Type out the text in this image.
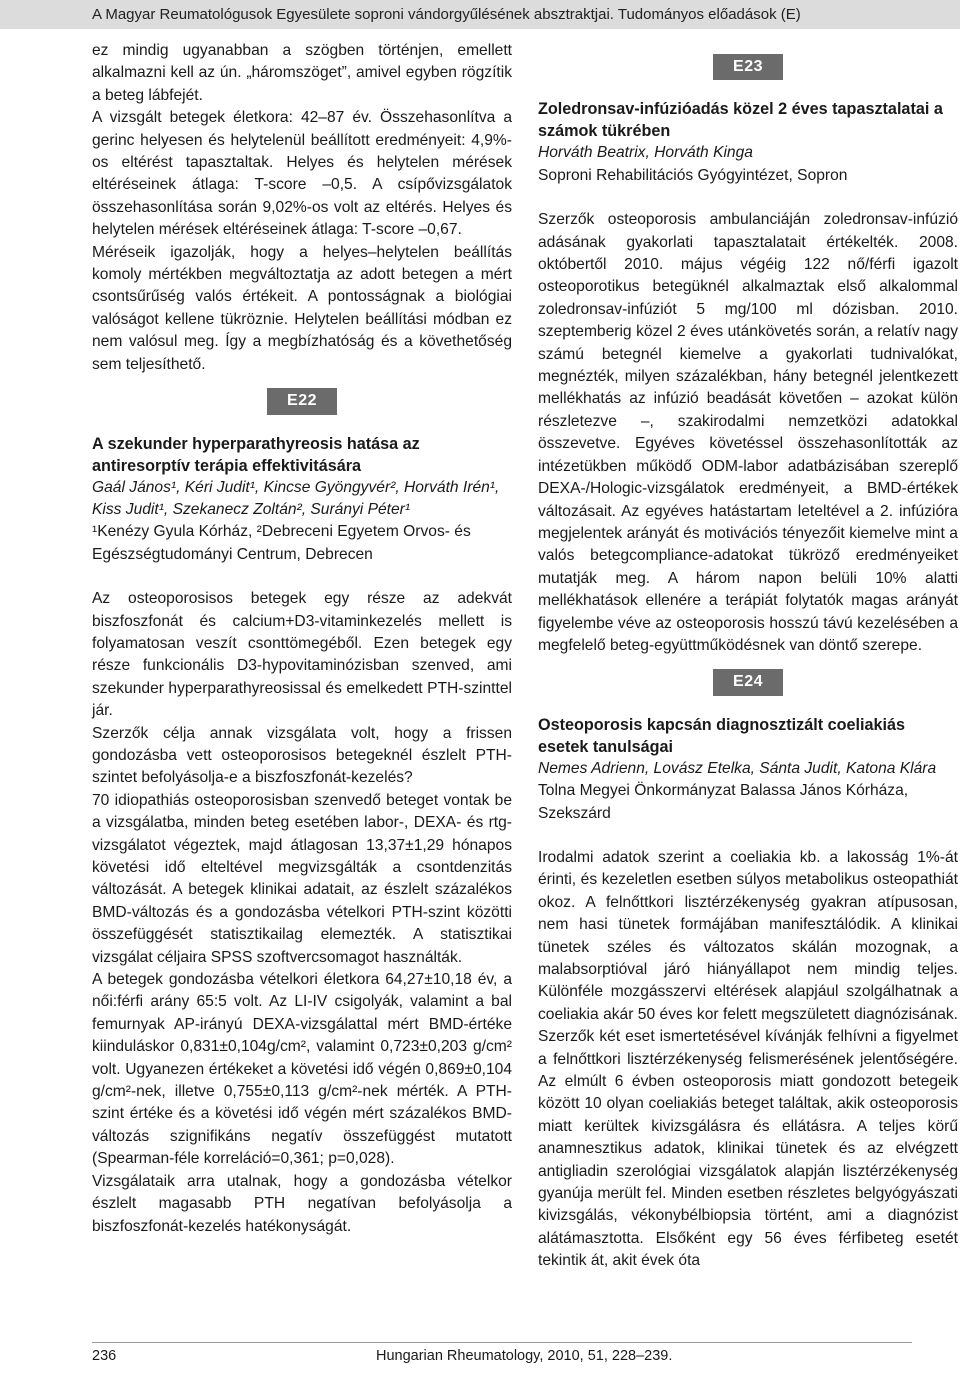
A Magyar Reumatológusok Egyesülete soproni vándorgyűlésének absztraktjai. Tudományos előadások (E)

ez mindig ugyanabban a szögben történjen, emellett alkalmazni kell az ún. „háromszöget”, amivel egyben rögzítik a beteg lábfejét.

A vizsgált betegek életkora: 42–87 év. Összehasonlítva a gerinc helyesen és helytelenül beállított eredményeit: 4,9%-os eltérést tapasztaltak. Helyes és helytelen mérések eltéréseinek átlaga: T-score –0,5. A csípővizsgálatok összehasonlítása során 9,02%-os volt az eltérés. Helyes és helytelen mérések eltéréseinek átlaga: T-score –0,67.

Méréseik igazolják, hogy a helyes–helytelen beállítás komoly mértékben megváltoztatja az adott betegen a mért csontsűrűség valós értékeit. A pontosságnak a biológiai valóságot kellene tükröznie. Helytelen beállítási módban ez nem valósul meg. Így a megbízhatóság és a követhetőség sem teljesíthető.

E22
A szekunder hyperparathyreosis hatása az antiresorptív terápia effektivitására

Gaál János¹, Kéri Judit¹, Kincse Gyöngyvér², Horváth Irén¹, Kiss Judit¹, Szekanecz Zoltán², Surányi Péter¹

¹Kenézy Gyula Kórház, ²Debreceni Egyetem Orvos- és Egészségtudományi Centrum, Debrecen

Az osteoporosisos betegek egy része az adekvát biszfoszfonát és calcium+D3-vitaminkezelés mellett is folyamatosan veszít csonttömegéből. Ezen betegek egy része funkcionális D3-hypovitaminózisban szenved, ami szekunder hyperparathyreosissal és emelkedett PTH-szinttel jár.

Szerzők célja annak vizsgálata volt, hogy a frissen gondozásba vett osteoporosisos betegeknél észlelt PTH-szintet befolyásolja-e a biszfoszfonát-kezelés?

70 idiopathiás osteoporosisban szenvedő beteget vontak be a vizsgálatba, minden beteg esetében labor-, DEXA- és rtg-vizsgálatot végeztek, majd átlagosan 13,37±1,29 hónapos követési idő elteltével megvizsgálták a csontdenzitás változását. A betegek klinikai adatait, az észlelt százalékos BMD-változás és a gondozásba vételkori PTH-szint közötti összefüggését statisztikailag elemezték. A statisztikai vizsgálat céljaira SPSS szoftvercsomagot használták.

A betegek gondozásba vételkori életkora 64,27±10,18 év, a női:férfi arány 65:5 volt. Az LI-IV csigolyák, valamint a bal femurnyak AP-irányú DEXA-vizsgálattal mért BMD-értéke kiinduláskor 0,831±0,104g/cm², valamint 0,723±0,203 g/cm² volt. Ugyanezen értékeket a követési idő végén 0,869±0,104 g/cm²-nek, illetve 0,755±0,113 g/cm²-nek mérték. A PTH-szint értéke és a követési idő végén mért százalékos BMD-változás szignifikáns negatív összefüggést mutatott (Spearman-féle korreláció=0,361; p=0,028).

Vizsgálataik arra utalnak, hogy a gondozásba vételkor észlelt magasabb PTH negatívan befolyásolja a biszfoszfonát-kezelés hatékonyságát.

E23
Zoledronsav-infúzióadás közel 2 éves tapasztalatai a számok tükrében

Horváth Beatrix, Horváth Kinga

Soproni Rehabilitációs Gyógyintézet, Sopron

Szerzők osteoporosis ambulanciáján zoledronsav-infúzió adásának gyakorlati tapasztalatait értékelték. 2008. októbertől 2010. május végéig 122 nő/férfi igazolt osteoporotikus betegüknél alkalmaztak első alkalommal zoledronsav-infúziót 5 mg/100 ml dózisban. 2010. szeptemberig közel 2 éves utánkövetés során, a relatív nagy számú betegnél kiemelve a gyakorlati tudnivalókat, megnézték, milyen százalékban, hány betegnél jelentkezett mellékhatás az infúzió beadását követően – azokat külön részletezve –, szakirodalmi nemzetközi adatokkal összevetve. Egyéves követéssel összehasonlították az intézetükben működő ODM-labor adatbázisában szereplő DEXA-/Hologic-vizsgálatok eredményeit, a BMD-értékek változásait. Az egyéves hatástartam leteltével a 2. infúzióra megjelentek arányát és motivációs tényezőit kiemelve mint a valós betegcompliance-adatokat tükröző eredményeiket mutatják meg. A három napon belüli 10% alatti mellékhatások ellenére a terápiát folytatók magas arányát figyelembe véve az osteoporosis hosszú távú kezelésében a megfelelő beteg-együttműködésnek van döntő szerepe.

E24
Osteoporosis kapcsán diagnosztizált coeliakiás esetek tanulságai

Nemes Adrienn, Lovász Etelka, Sánta Judit, Katona Klára

Tolna Megyei Önkormányzat Balassa János Kórháza, Szekszárd

Irodalmi adatok szerint a coeliakia kb. a lakosság 1%-át érinti, és kezeletlen esetben súlyos metabolikus osteopathiát okoz. A felnőttkori lisztérzékenység gyakran atípusosan, nem hasi tünetek formájában manifesztálódik. A klinikai tünetek széles és változatos skálán mozognak, a malabsorptióval járó hiányállapot nem mindig teljes. Különféle mozgásszervi eltérések alapjául szolgálhatnak a coeliakia akár 50 éves kor felett megszületett diagnózisának. Szerzők két eset ismertetésével kívánják felhívni a figyelmet a felnőttkori lisztérzékenység felismerésének jelentőségére. Az elmúlt 6 évben osteoporosis miatt gondozott betegeik között 10 olyan coeliakiás beteget találtak, akik osteoporosis miatt kerültek kivizsgálásra és ellátásra. A teljes körű anamnesztikus adatok, klinikai tünetek és az elvégzett antigliadin szerológiai vizsgálatok alapján lisztérzékenység gyanúja merült fel. Minden esetben részletes belgyógyászati kivizsgálás, vékonybélbiopsia történt, ami a diagnózist alátámasztotta. Elsőként egy 56 éves férfibeteg esetét tekintik át, akit évek óta

236	Hungarian Rheumatology, 2010, 51, 228–239.
